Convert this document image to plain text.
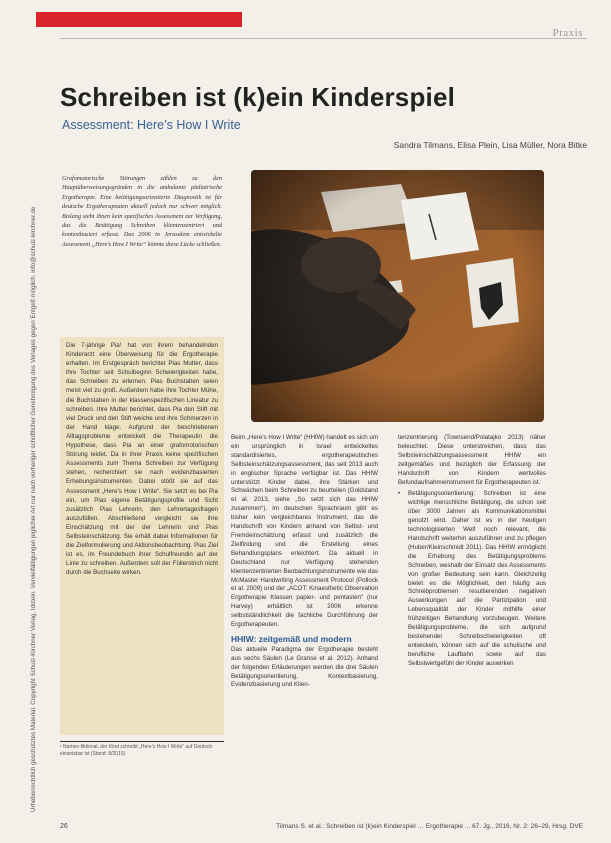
Praxis
Urheberrechtlich geschütztes Material. Copyright Schulz-Kirchner Verlag, Idstein. Vervielfältigungen jeglicher Art nur nach vorheriger schriftlicher Genehmigung des Verlages gegen Entgelt möglich. info@schulz-kirchner.de
Schreiben ist (k)ein Kinderspiel
Assessment: Here’s How I Write
Sandra Tilmans, Elisa Plein, Lisa Müller, Nora Bitke
Grafomotorische Störungen zählen zu den Hauptüberweisungsgründen in die ambulante pädiatrische Ergotherapie. Eine betätigungsorientierte Diagnostik ist für deutsche Ergotherapeuten aktuell jedoch nur schwer möglich. Bislang steht ihnen kein spezifisches Assessment zur Verfügung, das die Betätigung Schreiben klientenzentriert und kontextbasiert erfasst. Das 2006 in Jerusalem entwickelte Assessment „Here’s How I Write“ könnte diese Lücke schließen.
Die 7-jährige Pia¹ hat von ihrem behandelnden Kinderarzt eine Überweisung für die Ergotherapie erhalten. Im Erstgespräch berichtet Pias Mutter, dass ihre Tochter seit Schulbeginn Schwierigkeiten habe, das Schreiben zu erlernen. Pias Buchstaben seien meist viel zu groß. Außerdem habe ihre Tochter Mühe, die Buchstaben in der klassenspezifischen Lineatur zu schreiben. Ihre Mutter berichtet, dass Pia den Stift mit viel Druck und den Stift weiche und ihre Schmerzen in der Hand klage. Aufgrund der beschriebenen Alltagsprobleme entwickelt die Therapeutin die Hypothese, dass Pia an einer grafomotorischen Störung leidet. Da in ihrer Praxis keine spezifischen Assessments zum Thema Schreiben zur Verfügung stehen, recherchiert sie nach evidenzbasierten Erhebungsinstrumenten. Dabei stößt sie auf das Assessment „Here’s How I Write“. Sie setzt es bei Pia ein, um Pias eigene Betätigungsprofile und Sicht zusätzlich Pias Lehrerin, den Lehrertagesfragen auszufüllen. Abschließend vergleicht sie ihre Einschätzung mit der der Lehrerin und Pias Selbsteinschätzung. Sie erhält dabei Informationen für die Zielformulierung und Aktionsbeobachtung. Pias Ziel ist es, im Freundebuch ihrer Schulfreundin auf der Linie zu schreiben. Außerdem soll der Füllerstrich nicht durch die Buchseite wirken.
¹ Namen fiktional, der Kind schreibt „Here’s How I Write“ auf Deutsch einsetzbar ist (Stand: 8/2015)

Beim „Here’s How I Write“ (HHIW) handelt es sich um ein ursprünglich in Israel entwickeltes standardisiertes, ergotherapeutisches Selbsteinschätzungsassessment, das seit 2013 auch in englischer Sprache verfügbar ist. Das HHIW unterstützt Kinder dabei, ihre Stärken und Schwächen beim Schreiben zu beurteilen (Goldstand et al. 2013, siehe „So setzt sich das HHIW zusammen“). Im deutschen Sprachraum gibt es bisher kein vergleichbares Instrument, das die Handschrift von Kindern anhand von Selbst- und Fremdeinschätzung erfasst und zusätzlich die Zielfindung und die Erstellung eines Behandlungsplans erleichtert. Da aktuell in Deutschland nur Verfügung stehenden klientenzentrierten Beobachtungsinstrumente wie das McMaster Handwriting Assessment Protocol (Pollock et al. 2009) und der „ACOT: Kinaesthetic Observation Ergotherapie Klassen papier- und pentasten“ (nur Harvey) erhältlich ist 2006 erkenne selbstständlichkeit die fachliche Durchführung der Ergotherapeuten.

HHIW: zeitgemäß und modern

Das aktuelle Paradigma der Ergotherapie besteht aus sechs Säulen (Le Granse et al. 2012). Anhand der folgenden Erläuterungen werden die drei Säulen Betätigungsorientierung, Kontextbasierung, Evidenzbasierung und Klien-

tenzentrierung (Townsend/Polatajko 2013) näher beleuchtet. Diese unterstreichen, dass das Selbsteinschätzungsassessment HHIW ein zeitgemäßes und bezüglich der Erfassung der Handschrift von Kindern wertvolles Befundaufnahmeinstrument für Ergotherapeuten ist.

• Betätigungsorientierung: Schreiben ist eine wichtige menschliche Betätigung, die schon seit über 3000 Jahren als Kommunikationsmittel genutzt wird. Daher ist es in der heutigen technologisierten Welt noch relevant, die Handschrift weiterhin auszuführen und zu pflegen (Huber/Kleinschmidt 2011). Das HHIW ermöglicht die Erhebung des Betätigungsproblems Schreiben, weshalb der Einsatz des Assessments von großer Bedeutung sein kann. Gleichzeitig bietet es die Möglichkeit, den häufig aus Schreibproblemen resultierenden negativen Auswirkungen auf die Partizipation und Lebensqualität der Kinder mithilfe einer frühzeitigen Behandlung vorzubeugen. Weitere Betätigungsprobleme, die sich aufgrund bestehender Schreibschwierigkeiten oft entwickeln, können sich auf die schulische und berufliche Laufbahn sowie auf das Selbstwertgefühl der Kinder auswirken

26	Tilmans S. et al.: Schreiben ist (k)ein Kinderspiel … Ergotherapie ... 67. Jg., 2016, Nr. 2: 26–29, Hrsg. DVE
